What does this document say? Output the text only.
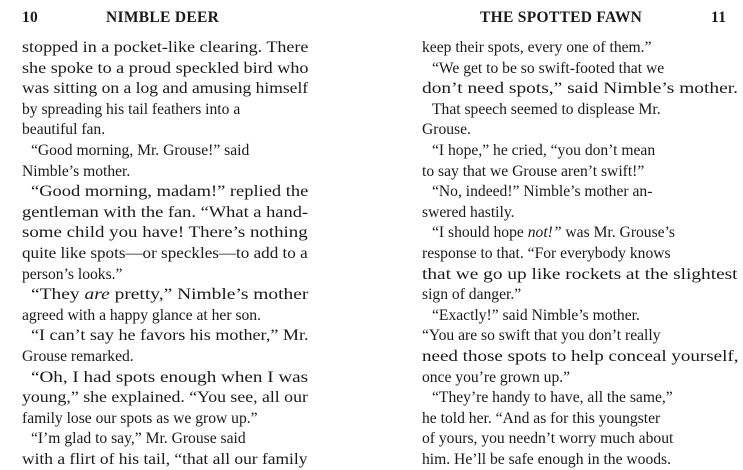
10	NIMBLE DEER
stopped in a pocket-like clearing. There
she spoke to a proud speckled bird who
was sitting on a log and amusing himself
by spreading his tail feathers into a
beautiful fan.
“Good morning, Mr. Grouse!” said
Nimble’s mother.
“Good morning, madam!” replied the
gentleman with the fan. “What a hand-
some child you have! There’s nothing
quite like spots—or speckles—to add to a
person’s looks.”
“They are pretty,” Nimble’s mother
agreed with a happy glance at her son.
“I can’t say he favors his mother,” Mr.
Grouse remarked.
“Oh, I had spots enough when I was
young,” she explained. “You see, all our
family lose our spots as we grow up.”
“I’m glad to say,” Mr. Grouse said
with a flirt of his tail, “that all our family
THE SPOTTED FAWN	11
keep their spots, every one of them.”
“We get to be so swift-footed that we
don’t need spots,” said Nimble’s mother.
That speech seemed to displease Mr.
Grouse.
“I hope,” he cried, “you don’t mean
to say that we Grouse aren’t swift!”
“No, indeed!” Nimble’s mother an-
swered hastily.
“I should hope not!” was Mr. Grouse’s
response to that. “For everybody knows
that we go up like rockets at the slightest
sign of danger.”
“Exactly!” said Nimble’s mother.
“You are so swift that you don’t really
need those spots to help conceal yourself,
once you’re grown up.”
“They’re handy to have, all the same,”
he told her. “And as for this youngster
of yours, you needn’t worry much about
him. He’ll be safe enough in the woods.
